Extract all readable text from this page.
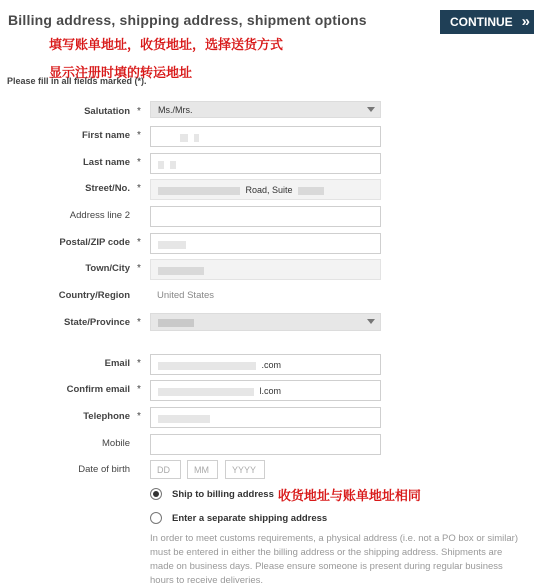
Billing address, shipping address, shipment options	CONTINUE »
填写账单地址，收货地址，选择送货方式
显示注册时填的转运地址
Please fill in all fields marked (*).
Salutation *	Ms./Mrs.
First name *

Last name *

Street/No. *	Road, Suite
Address line 2
Postal/ZIP code *
Town/City *
Country/Region	United States
State/Province *
Email *	.com
Confirm email *	l.com
Telephone *
Mobile
Date of birth	DD	MM	YYYY
Ship to billing address 收货地址与账单地址相同
Enter a separate shipping address
In order to meet customs requirements, a physical address (i.e. not a PO box or similar) must be entered in either the billing address or the shipping address. Shipments are made on business days. Please ensure someone is present during regular business hours to receive deliveries.
